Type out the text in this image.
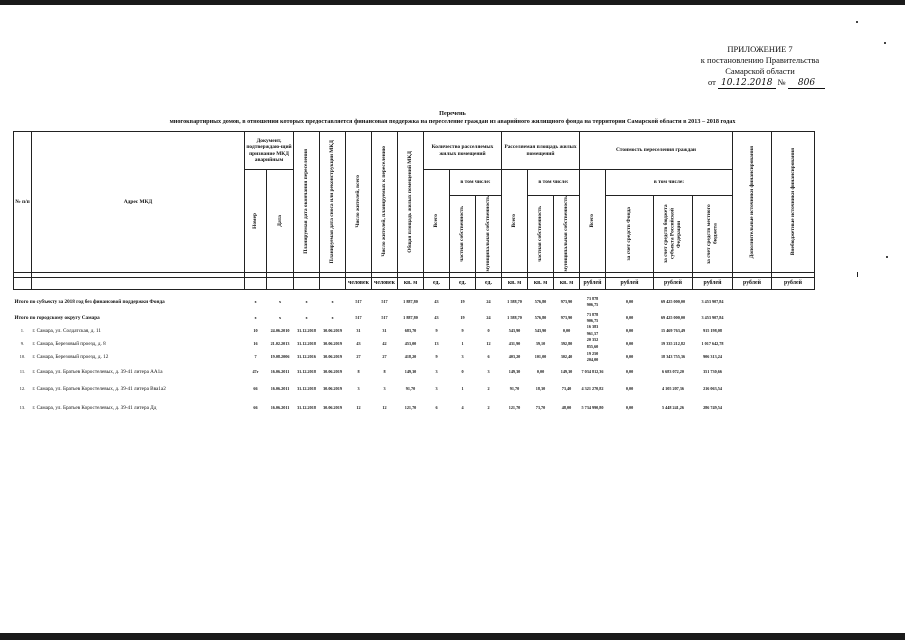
ПРИЛОЖЕНИЕ 7
к постановлению Правительства
Самарской области
от 10.12.2018 № 806
Перечень
многоквартирных домов, в отношении которых предоставляется финансовая поддержка на переселение граждан из аварийного жилищного фонда на территории Самарской области в 2013 – 2018 годах
№ п/п	Адрес МКД	Документ, подтверждаю-щий признание МКД аварийным		Планируемая дата окончания переселения	Планируемая дата сноса или реконструкции МКД	Число жителей, всего	Число жителей, планируемых к переселению	Общая площадь жилых помещений МКД	Количество расселяемых жилых помещений			Расселяемая площадь жилых помещений			Стоимость переселения граждан				Дополнительные источники финансирования	Внебюджетные источники финансирования	

		Номер	Дата						Всего	в том числе:		Всего	в том числе:		Всего	в том числе:					

										частная собственность	муниципальная собственность		частная собственность	муниципальная собственность		за счет средств Фонда	за счет средств бюджета субъекта Российской Федерации	за счет средств местного бюджета			

						человек	человек	кв. м	ед.	ед.	ед.	кв. м	кв. м	кв. м	рублей	рублей	рублей	рублей	рублей	рублей	

Итого по субъекту за 2018 год без финансовой поддержки Фонда		х	х	х	х	517	517	1 887,80	43	19	24	1 588,70	576,80	973,90	73 878 906,75	0,00	69 425 000,00	3 453 907,84			
Итого по городскому округу Самара		х	х	х	х	517	517	1 887,80	43	19	24	1 588,70	576,80	973,90	73 878 906,75	0,00	69 425 000,00	3 453 907,84			
1.	г. Самара, ул. Солдатская, д. 11	10	24.06.2010	31.12.2018	30.06.2019	31	31	683,70	9	9	0	543,90	543,90	0,00	16 383 961,57	0,00	15 469 763,49	915 198,08			
9.	г. Самара, Березовый проезд, д. 8	16	21.02.2013	31.12.2018	30.06.2019	43	42	453,00	13	1	12	431,90	39,10	392,80	20 352 855,60	0,00	19 335 212,82	1 017 642,78			
10.	г. Самара, Березовый проезд, д. 12	7	19.08.2006	31.12.2016	30.06.2019	27	27	418,20	9	3	6	403,20	101,00	302,40	19 250 204,00	0,00	18 343 755,36	906 313,24			
11.	г. Самара, ул. Братьев Коростелевых, д. 39-41 литера АА1а	47г	16.06.2011	31.12.2018	30.06.2019	8	8	149,30	3	0	3	149,30	0,00	149,30	7 034 812,36	0,00	6 683 072,20	351 730,66			
12.	г. Самара, ул. Братьев Коростелевых, д. 39-41 литера Вва1а2	66	16.06.2011	31.12.2018	30.06.2019	3	3	91,70	3	1	2	91,70	18,30	73,40	4 321 270,82	0,00	4 105 207,36	216 063,54			
13.	г. Самара, ул. Братьев Коростелевых, д. 39-41 литера Дд	66	16.06.2011	31.12.2018	30.06.2019	12	12	121,70	6	4	2	121,70	73,70	48,00	5 734 990,80	0,00	5 448 241,26	286 749,54			
